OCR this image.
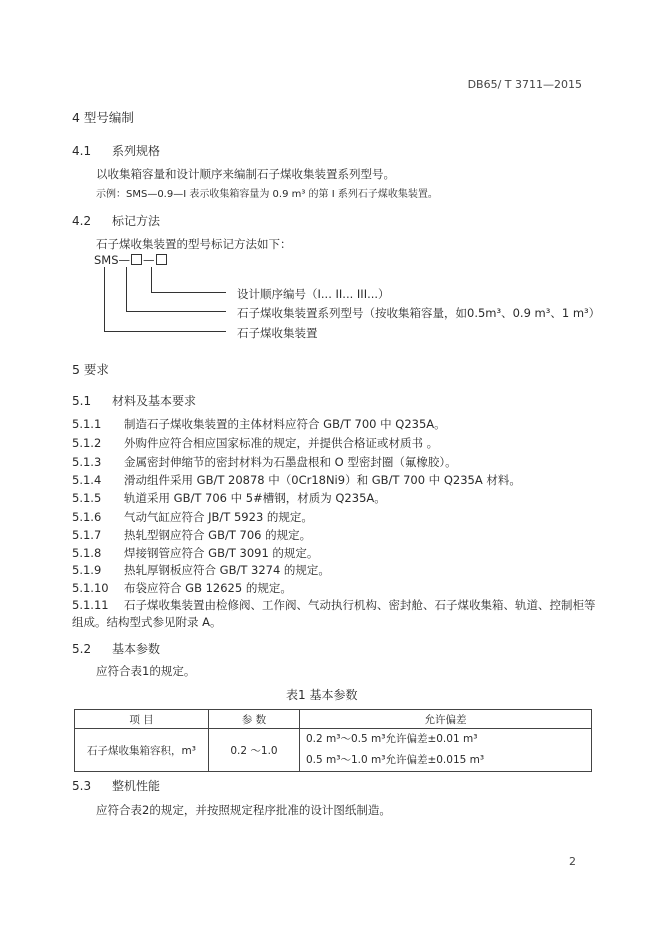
DB65/ T 3711—2015
4 型号编制
4.1 系列规格
以收集箱容量和设计顺序来编制石子煤收集装置系列型号。
示例：SMS—0.9—I 表示收集箱容量为 0.9 m³ 的第 I 系列石子煤收集装置。
4.2 标记方法
石子煤收集装置的型号标记方法如下：
SMS— —
设计顺序编号（I... II... III...）
石子煤收集装置系列型号（按收集箱容量，如0.5m³、0.9 m³、1 m³）
石子煤收集装置
5 要求
5.1 材料及基本要求
5.1.1 制造石子煤收集装置的主体材料应符合 GB/T 700 中 Q235A。
5.1.2 外购件应符合相应国家标准的规定，并提供合格证或材质书 。
5.1.3 金属密封伸缩节的密封材料为石墨盘根和 O 型密封圈（氟橡胶）。
5.1.4 滑动组件采用 GB/T 20878 中（0Cr18Ni9）和 GB/T 700 中 Q235A 材料。
5.1.5 轨道采用 GB/T 706 中 5#槽钢，材质为 Q235A。
5.1.6 气动气缸应符合 JB/T 5923 的规定。
5.1.7 热轧型钢应符合 GB/T 706 的规定。
5.1.8 焊接钢管应符合 GB/T 3091 的规定。
5.1.9 热轧厚钢板应符合 GB/T 3274 的规定。
5.1.10 布袋应符合 GB 12625 的规定。
5.1.11 石子煤收集装置由检修阀、工作阀、气动执行机构、密封舱、石子煤收集箱、轨道、控制柜等
组成。结构型式参见附录 A。
5.2 基本参数
应符合表1的规定。
表1 基本参数
项 目	参 数	允许偏差
石子煤收集箱容积，m³	0.2 ～1.0	0.2 m³～0.5 m³允许偏差±0.01 m³
0.5 m³～1.0 m³允许偏差±0.015 m³
5.3 整机性能
应符合表2的规定，并按照规定程序批准的设计图纸制造。
2
